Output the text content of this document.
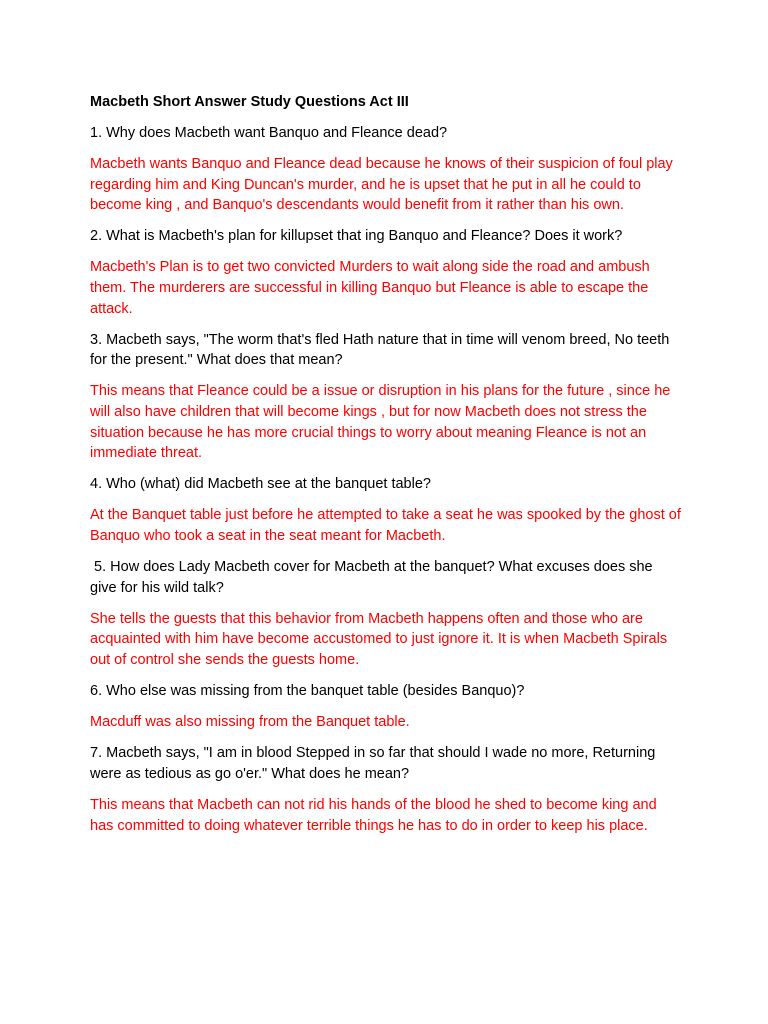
Macbeth Short Answer Study Questions Act III
1. Why does Macbeth want Banquo and Fleance dead?
Macbeth wants Banquo and Fleance dead because he knows of their suspicion of foul play regarding him and King Duncan's murder, and he is upset that he put in all he could to become king , and Banquo's descendants would benefit from it rather than his own.
2. What is Macbeth's plan for killupset that ing Banquo and Fleance? Does it work?
Macbeth's Plan is to get two convicted Murders to wait along side the road and ambush them. The murderers are successful in killing Banquo but Fleance is able to escape the attack.
3. Macbeth says, "The worm that's fled Hath nature that in time will venom breed, No teeth for the present." What does that mean?
This means that Fleance could be a issue or disruption in his plans for the future , since he will also have children that will become kings , but for now Macbeth does not stress the situation because he has more crucial things to worry about meaning Fleance is not an immediate threat.
4. Who (what) did Macbeth see at the banquet table?
At the Banquet table just before he attempted to take a seat he was spooked by the ghost of Banquo who took a seat in the seat meant for Macbeth.
5. How does Lady Macbeth cover for Macbeth at the banquet? What excuses does she give for his wild talk?
She tells the guests that this behavior from Macbeth happens often and those who are acquainted with him have become accustomed to just ignore it. It is when Macbeth Spirals out of control she sends the guests home.
6. Who else was missing from the banquet table (besides Banquo)?
Macduff was also missing from the Banquet table.
7. Macbeth says, "I am in blood Stepped in so far that should I wade no more, Returning were as tedious as go o'er." What does he mean?
This means that Macbeth can not rid his hands of the blood he shed to become king and has committed to doing whatever terrible things he has to do in order to keep his place.
